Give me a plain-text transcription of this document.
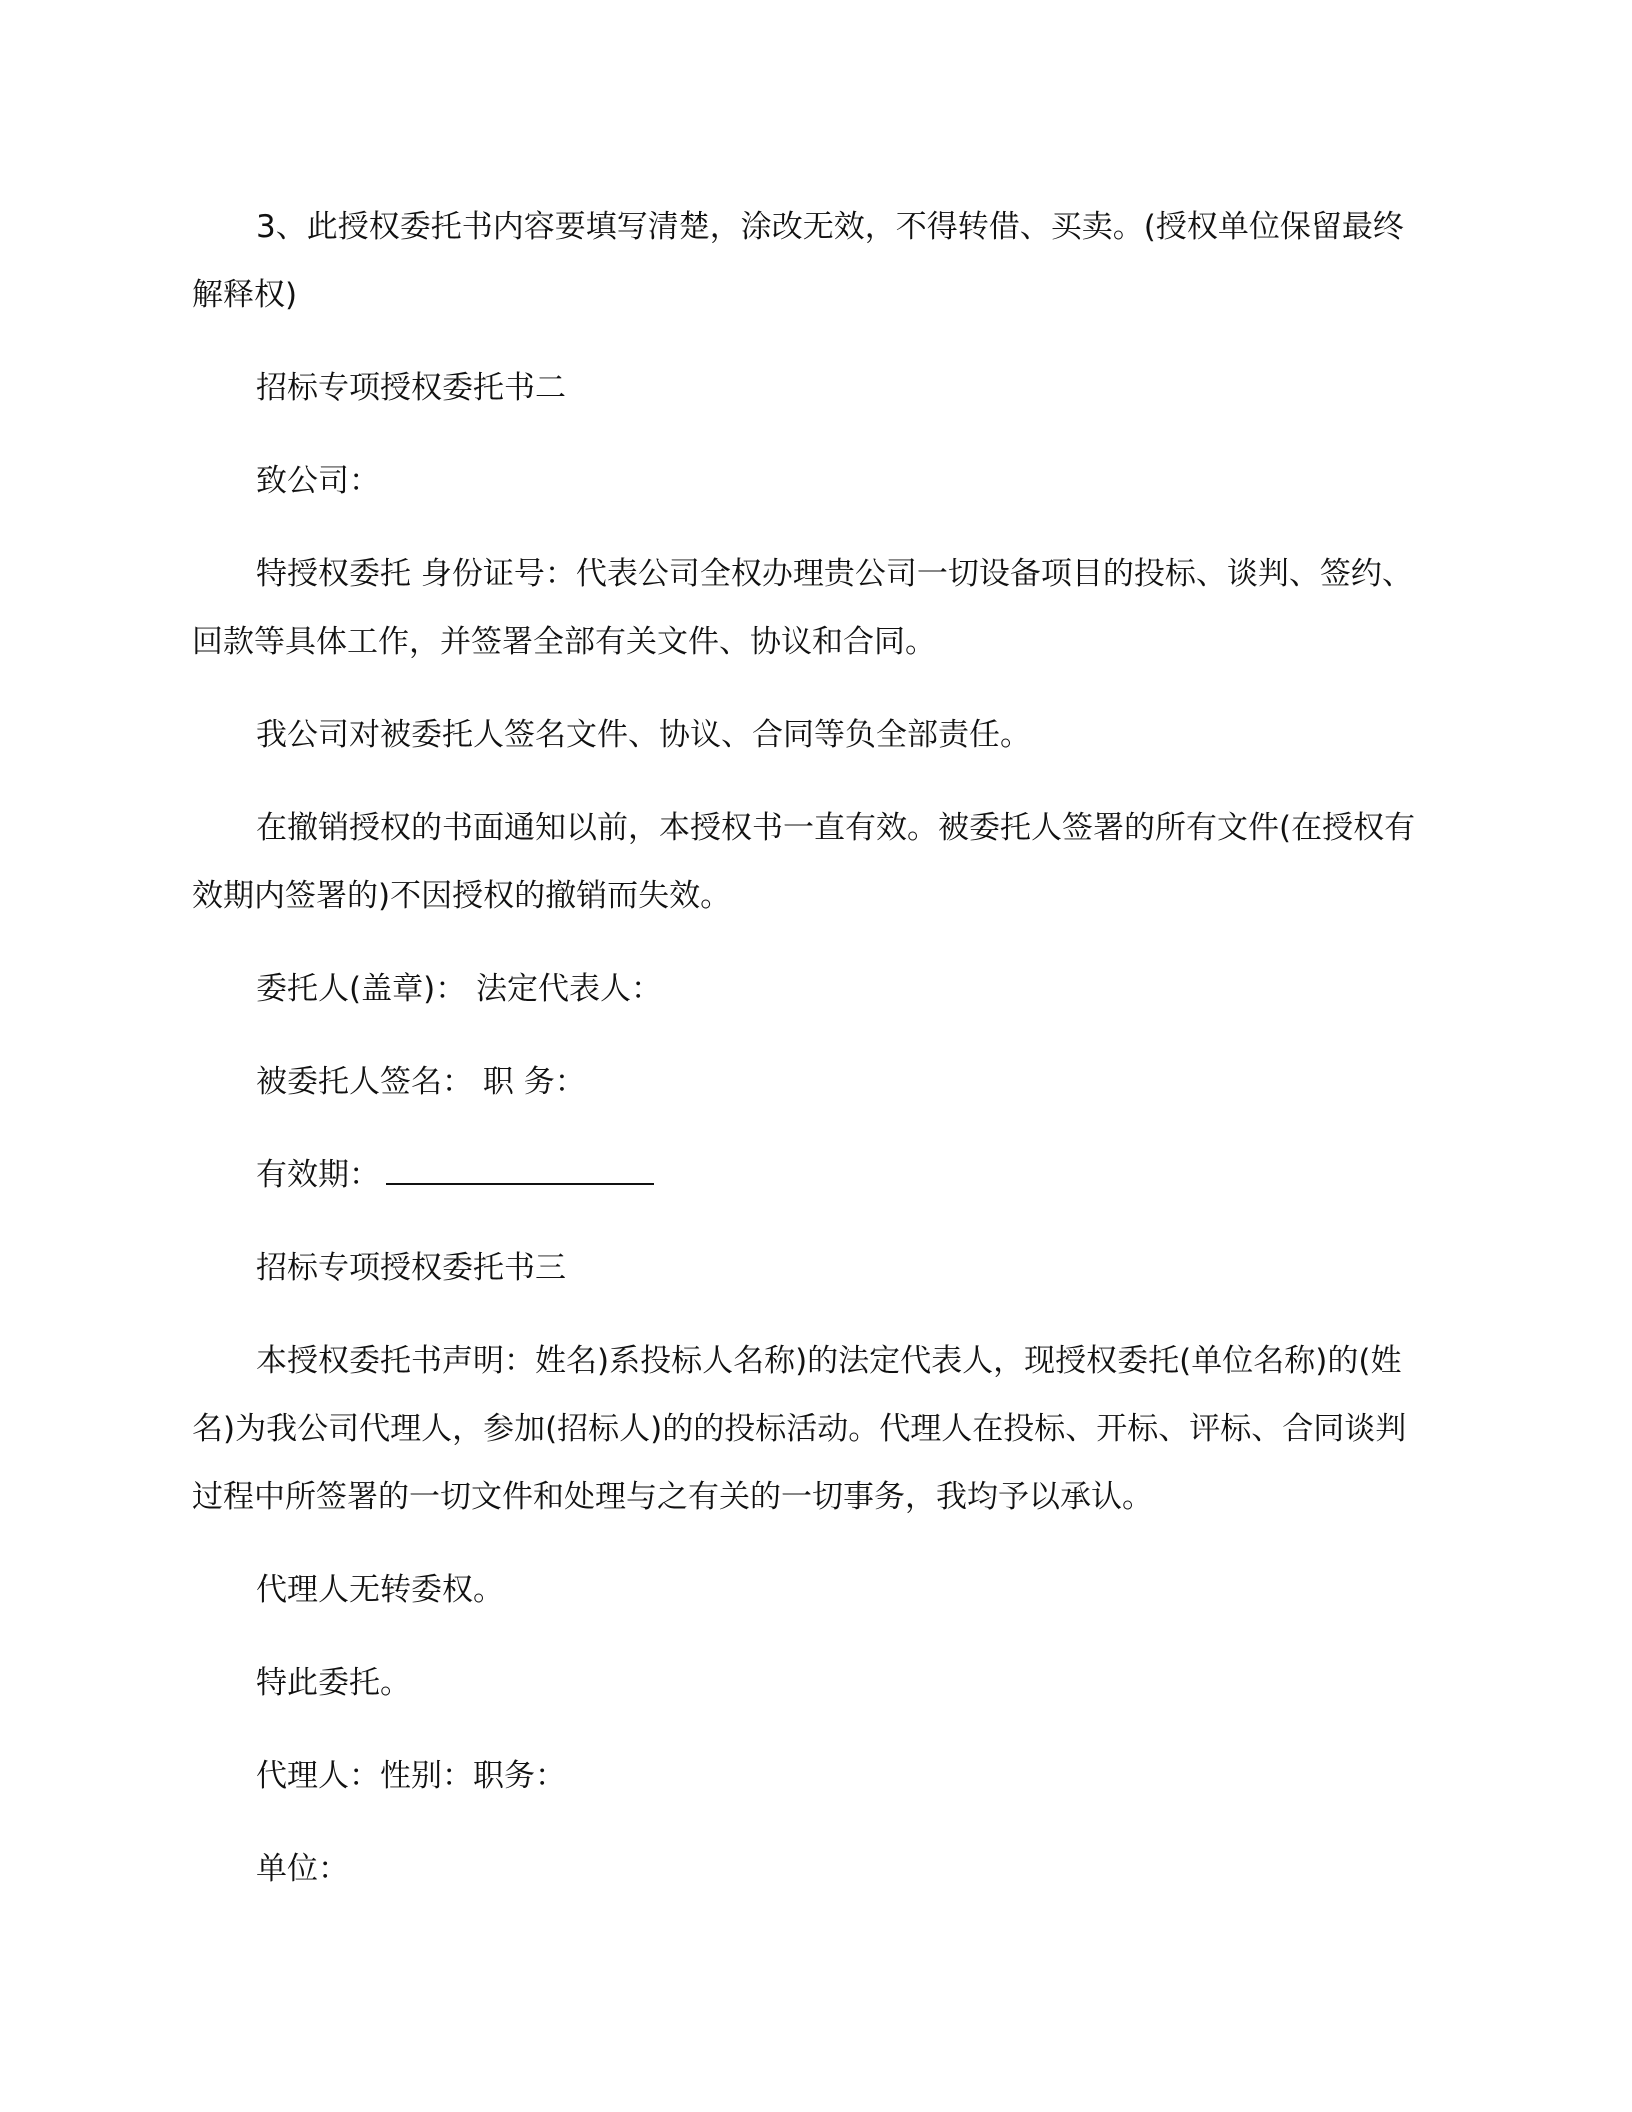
3、此授权委托书内容要填写清楚，涂改无效，不得转借、买卖。(授权单位保留最终解释权)

招标专项授权委托书二

致公司：

特授权委托 身份证号：代表公司全权办理贵公司一切设备项目的投标、谈判、签约、回款等具体工作，并签署全部有关文件、协议和合同。

我公司对被委托人签名文件、协议、合同等负全部责任。

在撤销授权的书面通知以前，本授权书一直有效。被委托人签署的所有文件(在授权有效期内签署的)不因授权的撤销而失效。

委托人(盖章)： 法定代表人：

被委托人签名： 职 务：

有效期：

招标专项授权委托书三

本授权委托书声明：姓名)系投标人名称)的法定代表人，现授权委托(单位名称)的(姓名)为我公司代理人，参加(招标人)的的投标活动。代理人在投标、开标、评标、合同谈判过程中所签署的一切文件和处理与之有关的一切事务，我均予以承认。

代理人无转委权。

特此委托。

代理人：性别：职务：

单位：
